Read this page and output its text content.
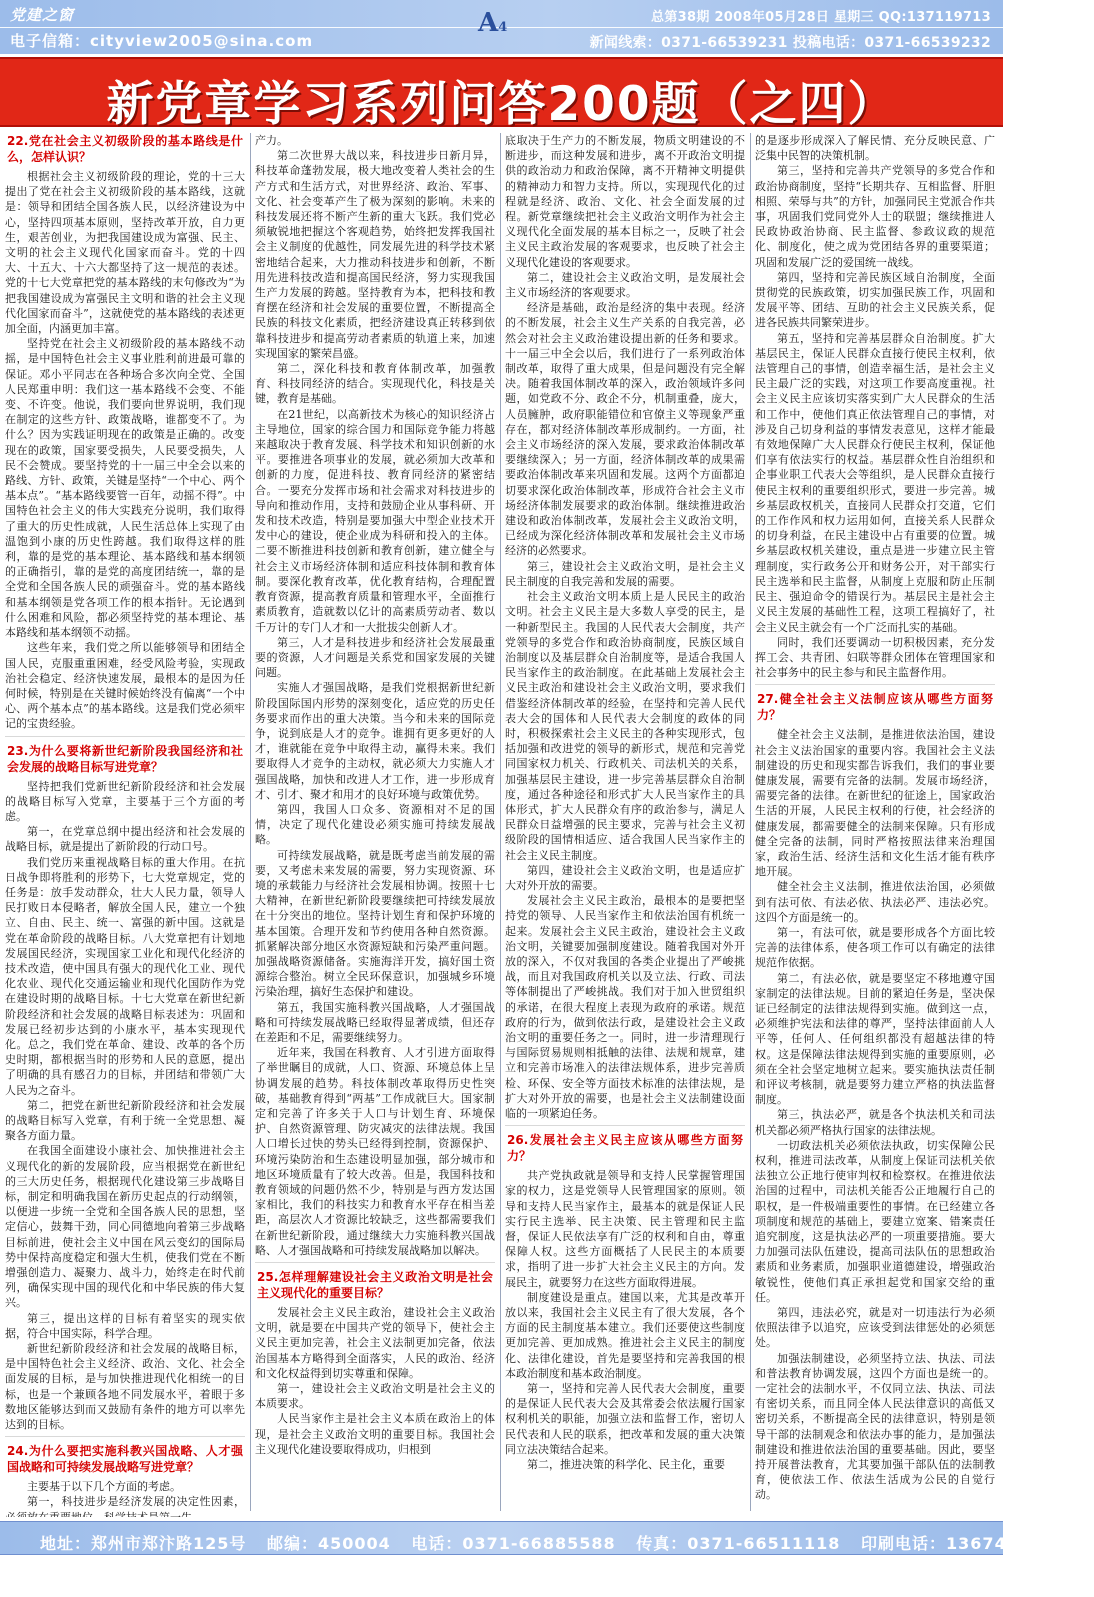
党建之窗
电子信箱：cityview2005@sina.com
A4
总第38期 2008年05月28日 星期三 QQ:137119713
新闻线索：0371-66539231 投稿电话：0371-66539232
新党章学习系列问答200题（之四）
22.党在社会主义初级阶段的基本路线是什么，怎样认识？

根据社会主义初级阶段的理论，党的十三大提出了党在社会主义初级阶段的基本路线，这就是：领导和团结全国各族人民，以经济建设为中心，坚持四项基本原则，坚持改革开放，自力更生，艰苦创业，为把我国建设成为富强、民主、文明的社会主义现代化国家而奋斗。党的十四大、十五大、十六大都坚持了这一规范的表述。党的十七大党章把党的基本路线的末句修改为“为把我国建设成为富强民主文明和谐的社会主义现代化国家而奋斗”，这就使党的基本路线的表述更加全面，内涵更加丰富。

坚持党在社会主义初级阶段的基本路线不动摇，是中国特色社会主义事业胜利前进最可靠的保证。邓小平同志在各种场合多次向全党、全国人民郑重申明：我们这一基本路线不会变、不能变、不许变。他说，我们要向世界说明，我们现在制定的这些方针、政策战略，谁都变不了。为什么？因为实践证明现在的政策是正确的。改变现在的政策，国家要受损失，人民要受损失，人民不会赞成。要坚持党的十一届三中全会以来的路线、方针、政策，关键是坚持“一个中心、两个基本点”。“基本路线要管一百年，动摇不得”。中国特色社会主义的伟大实践充分说明，我们取得了重大的历史性成就，人民生活总体上实现了由温饱到小康的历史性跨越。我们取得这样的胜利，靠的是党的基本理论、基本路线和基本纲领的正确指引，靠的是党的高度团结统一，靠的是全党和全国各族人民的顽强奋斗。党的基本路线和基本纲领是党各项工作的根本指针。无论遇到什么困难和风险，都必须坚持党的基本理论、基本路线和基本纲领不动摇。

这些年来，我们党之所以能够领导和团结全国人民，克服重重困难，经受风险考验，实现政治社会稳定、经济快速发展，最根本的是因为任何时候，特别是在关键时候始终没有偏离“一个中心、两个基本点”的基本路线。这是我们党必须牢记的宝贵经验。

23.为什么要将新世纪新阶段我国经济和社会发展的战略目标写进党章？

坚持把我们党新世纪新阶段经济和社会发展的战略目标写入党章，主要基于三个方面的考虑。

第一，在党章总纲中提出经济和社会发展的战略目标，就是提出了新阶段的行动口号。

我们党历来重视战略目标的重大作用。在抗日战争即将胜利的形势下，七大党章规定，党的任务是：放手发动群众，壮大人民力量，领导人民打败日本侵略者，解放全国人民，建立一个独立、自由、民主、统一、富强的新中国。这就是党在革命阶段的战略目标。八大党章把有计划地发展国民经济，实现国家工业化和现代化经济的技术改造，使中国具有强大的现代化工业、现代化农业、现代化交通运输业和现代化国防作为党在建设时期的战略目标。十七大党章在新世纪新阶段经济和社会发展的战略目标表述为：巩固和发展已经初步达到的小康水平，基本实现现代化。总之，我们党在革命、建设、改革的各个历史时期，都根据当时的形势和人民的意愿，提出了明确的具有感召力的目标，并团结和带领广大人民为之奋斗。

第二，把党在新世纪新阶段经济和社会发展的战略目标写入党章，有利于统一全党思想、凝聚各方面力量。

在我国全面建设小康社会、加快推进社会主义现代化的新的发展阶段，应当根据党在新世纪的三大历史任务，根据现代化建设第三步战略目标，制定和明确我国在新历史起点的行动纲领，以便进一步统一全党和全国各族人民的思想，坚定信心，鼓舞干劲，同心同德地向着第三步战略目标前进，使社会主义中国在风云变幻的国际局势中保持高度稳定和强大生机，使我们党在不断增强创造力、凝聚力、战斗力，始终走在时代前列，确保实现中国的现代化和中华民族的伟大复兴。

第三，提出这样的目标有着坚实的现实依据，符合中国实际，科学合理。

新世纪新阶段经济和社会发展的战略目标，是中国特色社会主义经济、政治、文化、社会全面发展的目标，是与加快推进现代化相统一的目标，也是一个兼顾各地不同发展水平，着眼于多数地区能够达到而又鼓励有条件的地方可以率先达到的目标。

24.为什么要把实施科教兴国战略、人才强国战略和可持续发展战略写进党章？

主要基于以下几个方面的考虑。

第一，科技进步是经济发展的决定性因素，

产力。

第二次世界大战以来，科技进步日新月异，科技革命蓬勃发展，极大地改变着人类社会的生产方式和生活方式，对世界经济、政治、军事、文化、社会变革产生了极为深刻的影响。未来的科技发展还将不断产生新的重大飞跃。我们党必须敏锐地把握这个客观趋势，始终把发挥我国社会主义制度的优越性，同发展先进的科学技术紧密地结合起来，大力推动科技进步和创新，不断用先进科技改造和提高国民经济，努力实现我国生产力发展的跨越。坚持教育为本，把科技和教育摆在经济和社会发展的重要位置，不断提高全民族的科技文化素质，把经济建设真正转移到依靠科技进步和提高劳动者素质的轨道上来，加速实现国家的繁荣昌盛。

第二，深化科技和教育体制改革，加强教育、科技同经济的结合。实现现代化，科技是关键，教育是基础。

在21世纪，以高新技术为核心的知识经济占主导地位，国家的综合国力和国际竞争能力将越来越取决于教育发展、科学技术和知识创新的水平。要推进各项事业的发展，就必须加大改革和创新的力度，促进科技、教育同经济的紧密结合。一要充分发挥市场和社会需求对科技进步的导向和推动作用，支持和鼓励企业从事科研、开发和技术改造，特别是要加强大中型企业技术开发中心的建设，使企业成为科研和投入的主体。二要不断推进科技创新和教育创新，建立健全与社会主义市场经济体制和适应科技体制和教育体制。要深化教育改革，优化教育结构，合理配置教育资源，提高教育质量和管理水平，全面推行素质教育，造就数以亿计的高素质劳动者、数以千万计的专门人才和一大批拔尖创新人才。

第三，人才是科技进步和经济社会发展最重要的资源，人才问题是关系党和国家发展的关键问题。

实施人才强国战略，是我们党根据新世纪新阶段国际国内形势的深刻变化，适应党的历史任务要求而作出的重大决策。当今和未来的国际竞争，说到底是人才的竞争。谁拥有更多更好的人才，谁就能在竞争中取得主动，赢得未来。我们要取得人才竞争的主动权，就必须大力实施人才强国战略，加快和改进人才工作，进一步形成育才、引才、聚才和用才的良好环境与政策优势。

第四，我国人口众多、资源相对不足的国情，决定了现代化建设必须实施可持续发展战略。

可持续发展战略，就是既考虑当前发展的需要，又考虑未来发展的需要，努力实现资源、环境的承载能力与经济社会发展相协调。按照十七大精神，在新世纪新阶段要继续把可持续发展放在十分突出的地位。坚持计划生育和保护环境的基本国策。合理开发和节约使用各种自然资源。抓紧解决部分地区水资源短缺和污染严重问题。加强战略资源储备。实施海洋开发，搞好国土资源综合整治。树立全民环保意识，加强城乡环境污染治理，搞好生态保护和建设。

第五，我国实施科教兴国战略，人才强国战略和可持续发展战略已经取得显著成绩，但还存在差距和不足，需要继续努力。

近年来，我国在科教育、人才引进方面取得了举世瞩目的成就，人口、资源、环境总体上呈协调发展的趋势。科技体制改革取得历史性突破，基础教育得到“两基”工作成就巨大。国家制定和完善了许多关于人口与计划生育、环境保护、自然资源管理、防灾减灾的法律法规。我国人口增长过快的势头已经得到控制，资源保护、环境污染防治和生态建设明显加强，部分城市和地区环境质量有了较大改善。但是，我国科技和教育领域的问题仍然不少，特别是与西方发达国家相比，我们的科技实力和教育水平存在相当差距，高层次人才资源比较缺乏，这些都需要我们在新世纪新阶段，通过继续大力实施科教兴国战略、人才强国战略和可持续发展战略加以解决。

25.怎样理解建设社会主义政治文明是社会主义现代化的重要目标？

发展社会主义民主政治，建设社会主义政治文明，就是要在中国共产党的领导下，使社会主义民主更加完善，社会主义法制更加完备，依法治国基本方略得到全面落实，人民的政治、经济和文化权益得到切实尊重和保障。

第一，建设社会主义政治文明是社会主义的本质要求。

人民当家作主是社会主义本质在政治上的体现，是社会主义政治文明的重要目标。我国社会主义现代化建设要取得成功，归根到

底取决于生产力的不断发展，物质文明建设的不断进步，而这种发展和进步，离不开政治文明提供的政治动力和政治保障，离不开精神文明提供的精神动力和智力支持。所以，实现现代化的过程就是经济、政治、文化、社会全面发展的过程。新党章继续把社会主义政治文明作为社会主义现代化全面发展的基本目标之一，反映了社会主义民主政治发展的客观要求，也反映了社会主义现代化建设的客观要求。

第二，建设社会主义政治文明，是发展社会主义市场经济的客观要求。

经济是基础，政治是经济的集中表现。经济的不断发展，社会主义生产关系的自我完善，必然会对社会主义政治建设提出新的任务和要求。十一届三中全会以后，我们进行了一系列政治体制改革，取得了重大成果，但是问题没有完全解决。随着我国体制改革的深入，政治领域许多问题，如党政不分、政企不分，机制重叠，庞大，人员臃肿，政府职能错位和官僚主义等现象严重存在，都对经济体制改革形成制约。一方面，社会主义市场经济的深入发展，要求政治体制改革要继续深入；另一方面，经济体制改革的成果需要政治体制改革来巩固和发展。这两个方面都迫切要求深化政治体制改革，形成符合社会主义市场经济体制发展要求的政治体制。继续推进政治建设和政治体制改革，发展社会主义政治文明，已经成为深化经济体制改革和发展社会主义市场经济的必然要求。

第三，建设社会主义政治文明，是社会主义民主制度的自我完善和发展的需要。

社会主义政治文明本质上是人民民主的政治文明。社会主义民主是大多数人享受的民主，是一种新型民主。我国的人民代表大会制度，共产党领导的多党合作和政治协商制度，民族区域自治制度以及基层群众自治制度等，是适合我国人民当家作主的政治制度。在此基础上发展社会主义民主政治和建设社会主义政治文明，要求我们借鉴经济体制改革的经验，在坚持和完善人民代表大会的国体和人民代表大会制度的政体的同时，积极探索社会主义民主的各种实现形式，包括加强和改进党的领导的新形式，规范和完善党同国家权力机关、行政机关、司法机关的关系，加强基层民主建设，进一步完善基层群众自治制度，通过各种途径和形式扩大人民当家作主的具体形式，扩大人民群众有序的政治参与，满足人民群众日益增强的民主要求，完善与社会主义初级阶段的国情相适应、适合我国人民当家作主的社会主义民主制度。

第四，建设社会主义政治文明，也是适应扩大对外开放的需要。

发展社会主义民主政治，最根本的是要把坚持党的领导、人民当家作主和依法治国有机统一起来。发展社会主义民主政治，建设社会主义政治文明，关键要加强制度建设。随着我国对外开放的深入，不仅对我国的各类企业提出了严峻挑战，而且对我国政府机关以及立法、行政、司法等体制提出了严峻挑战。我们对于加入世贸组织的承诺，在很大程度上表现为政府的承诺。规范政府的行为，做到依法行政，是建设社会主义政治文明的重要任务之一。同时，进一步清理现行与国际贸易规则相抵触的法律、法规和规章，建立和完善市场准入的法律法规体系，进步完善质检、环保、安全等方面技术标准的法律法规，是扩大对外开放的需要，也是社会主义法制建设面临的一项紧迫任务。

26.发展社会主义民主应该从哪些方面努力？

共产党执政就是领导和支持人民掌握管理国家的权力，这是党领导人民管理国家的原则。领导和支持人民当家作主，最基本的就是保证人民实行民主选举、民主决策、民主管理和民主监督，保证人民依法享有广泛的权利和自由，尊重保障人权。这些方面概括了人民民主的本质要求，指明了进一步扩大社会主义民主的方向。发展民主，就要努力在这些方面取得进展。

制度建设是重点。建国以来，尤其是改革开放以来，我国社会主义民主有了很大发展，各个方面的民主制度基本建立。我们还要使这些制度更加完善、更加成熟。推进社会主义民主的制度化、法律化建设，首先是要坚持和完善我国的根本政治制度和基本政治制度。

第一，坚持和完善人民代表大会制度，重要的是保证人民代表大会及其常委会依法履行国家权利机关的职能，加强立法和监督工作，密切人民代表和人民的联系，把改革和发展的重大决策同立法决策结合起来。

第二，推进决策的科学化、民主化，重要

的是逐步形成深入了解民情、充分反映民意、广泛集中民智的决策机制。

第三，坚持和完善共产党领导的多党合作和政治协商制度，坚持“长期共存、互相监督、肝胆相照、荣辱与共”的方针，加强同民主党派合作共事，巩固我们党同党外人士的联盟；继续推进人民政协政治协商、民主监督、参政议政的规范化、制度化，使之成为党团结各界的重要渠道；巩固和发展广泛的爱国统一战线。

第四，坚持和完善民族区域自治制度，全面贯彻党的民族政策，切实加强民族工作，巩固和发展平等、团结、互助的社会主义民族关系，促进各民族共同繁荣进步。

第五，坚持和完善基层群众自治制度。扩大基层民主，保证人民群众直接行使民主权利，依法管理自己的事情，创造幸福生活，是社会主义民主最广泛的实践，对这项工作要高度重视。社会主义民主应该切实落实到广大人民群众的生活和工作中，使他们真正依法管理自己的事情，对涉及自己切身利益的事情发表意见，这样才能最有效地保障广大人民群众行使民主权利，保证他们享有依法实行的权益。基层群众性自治组织和企事业职工代表大会等组织，是人民群众直接行使民主权利的重要组织形式，要进一步完善。城乡基层政权机关，直接同人民群众打交道，它们的工作作风和权力运用如何，直接关系人民群众的切身利益，在民主建设中占有重要的位置。城乡基层政权机关建设，重点是进一步建立民主管理制度，实行政务公开和财务公开，对干部实行民主选举和民主监督，从制度上克服和防止压制民主、强迫命令的错误行为。基层民主是社会主义民主发展的基础性工程，这项工程搞好了，社会主义民主就会有一个广泛而扎实的基础。

同时，我们还要调动一切积极因素，充分发挥工会、共青团、妇联等群众团体在管理国家和社会事务中的民主参与和民主监督作用。

27.健全社会主义法制应该从哪些方面努力？

健全社会主义法制，是推进依法治国，建设社会主义法治国家的重要内容。我国社会主义法制建设的历史和现实都告诉我们，我们的事业要健康发展，需要有完备的法制。发展市场经济，需要完备的法律。在新世纪的征途上，国家政治生活的开展，人民民主权利的行使，社会经济的健康发展，都需要健全的法制来保障。只有形成健全完备的法制，同时严格按照法律来治理国家，政治生活、经济生活和文化生活才能有秩序地开展。

健全社会主义法制，推进依法治国，必须做到有法可依、有法必依、执法必严、违法必究。这四个方面是统一的。

第一，有法可依，就是要形成各个方面比较完善的法律体系，使各项工作可以有确定的法律规范作依据。

第二，有法必依，就是要坚定不移地遵守国家制定的法律法规。目前的紧迫任务是，坚决保证已经制定的法律法规得到实施。做到这一点，必须维护宪法和法律的尊严，坚持法律面前人人平等，任何人、任何组织都没有超越法律的特权。这是保障法律法规得到实施的重要原则，必须在全社会坚定地树立起来。要实施执法责任制和评议考核制，就是要努力建立严格的执法监督制度。

第三，执法必严，就是各个执法机关和司法机关都必须严格执行国家的法律法规。

一切政法机关必须依法执政，切实保障公民权利，推进司法改革，从制度上保证司法机关依法独立公正地行使审判权和检察权。在推进依法治国的过程中，司法机关能否公正地履行自己的职权，是一件极端重要性的事情。在已经建立各项制度和规范的基础上，要建立宽案、错案责任追究制度，这是执法必严的一项重要措施。要大力加强司法队伍建设，提高司法队伍的思想政治素质和业务素质，加强职业道德建设，增强政治敏锐性，使他们真正承担起党和国家交给的重任。

第四，违法必究，就是对一切违法行为必须依照法律予以追究，应该受到法律惩处的必须惩处。

加强法制建设，必须坚持立法、执法、司法和普法教育协调发展，这四个方面也是统一的。一定社会的法制水平，不仅同立法、执法、司法有密切关系，而且同全体人民法律意识的高低又密切关系，不断提高全民的法律意识，特别是领导干部的法制观念和依法办事的能力，是加强法制建设和推进依法治国的重要基础。因此，要坚持开展普法教育，尤其要加强干部队伍的法制教育，使依法工作、依法生活成为公民的自觉行动。

地址：郑州市郑汴路125号 邮编：450004 电话：0371-66885588 传真：0371-66511118 印刷电话：13674930799
